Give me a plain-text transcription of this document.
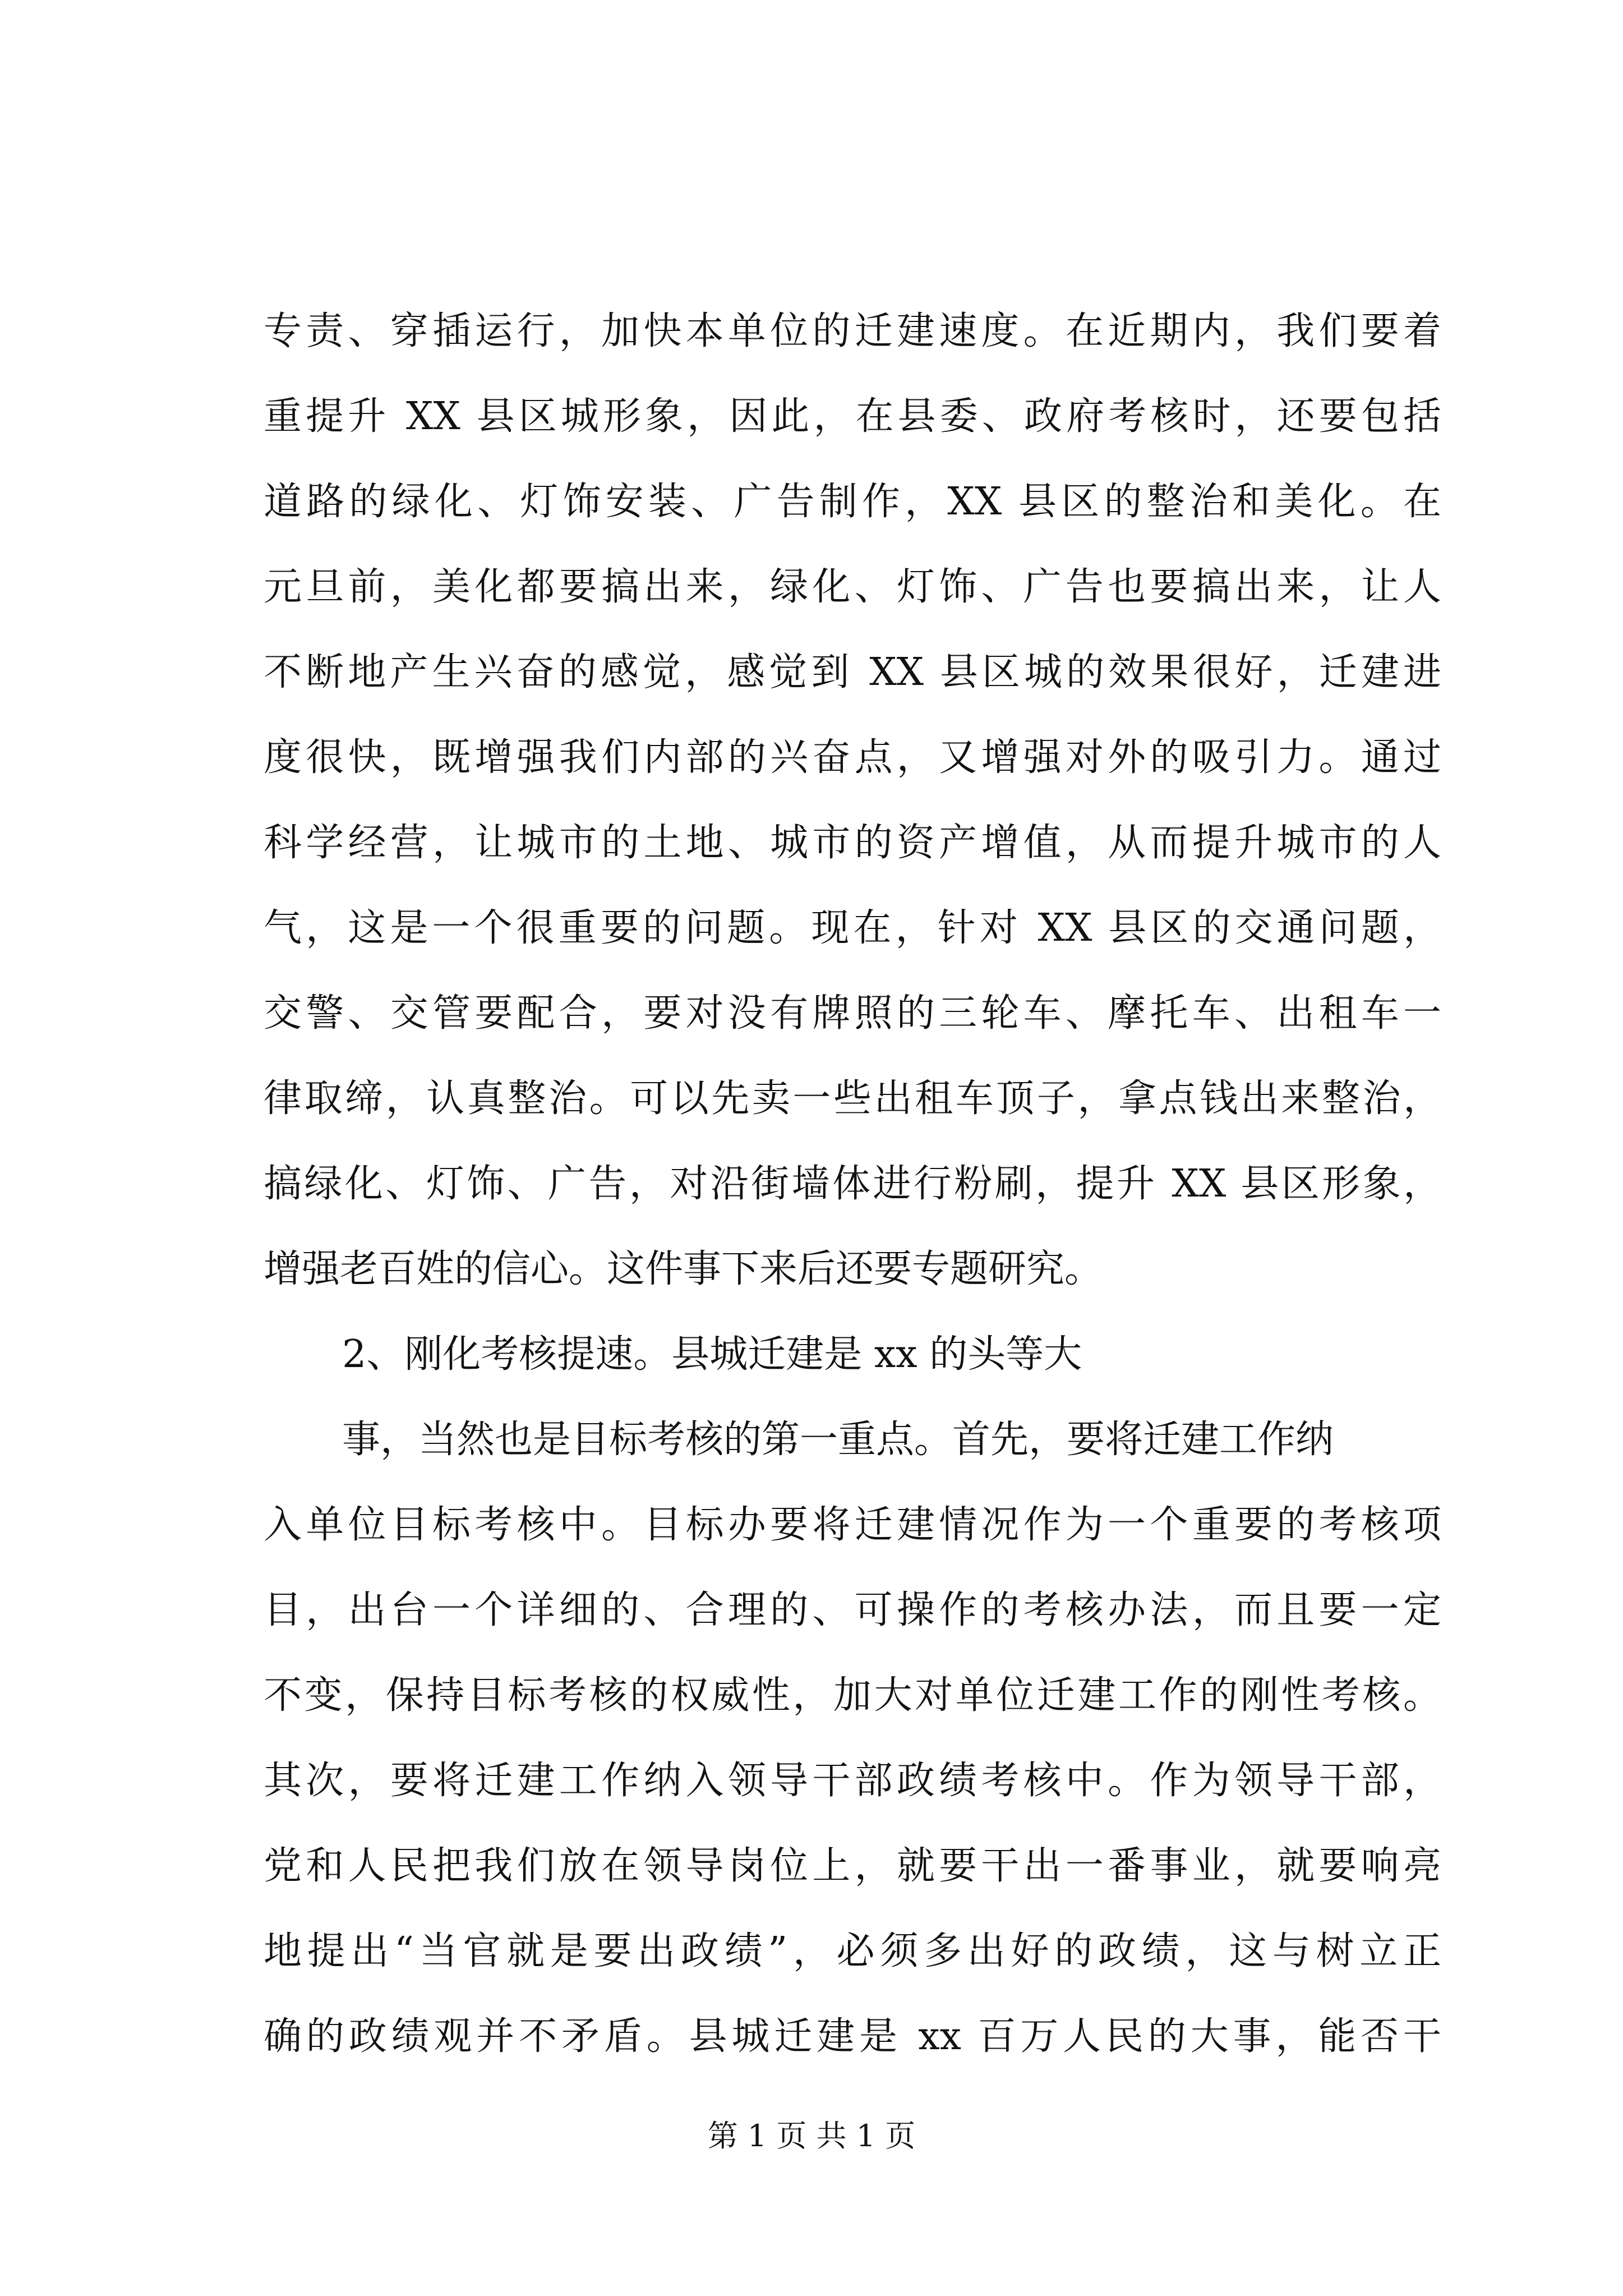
专责、穿插运行，加快本单位的迁建速度。在近期内，我们要着
重提升 XX 县区城形象，因此，在县委、政府考核时，还要包括
道路的绿化、灯饰安装、广告制作，XX 县区的整治和美化。在
元旦前，美化都要搞出来，绿化、灯饰、广告也要搞出来，让人
不断地产生兴奋的感觉，感觉到 XX 县区城的效果很好，迁建进
度很快，既增强我们内部的兴奋点，又增强对外的吸引力。通过
科学经营，让城市的土地、城市的资产增值，从而提升城市的人
气，这是一个很重要的问题。现在，针对 XX 县区的交通问题，
交警、交管要配合，要对没有牌照的三轮车、摩托车、出租车一
律取缔，认真整治。可以先卖一些出租车顶子，拿点钱出来整治，
搞绿化、灯饰、广告，对沿街墙体进行粉刷，提升 XX 县区形象，
增强老百姓的信心。这件事下来后还要专题研究。
2、刚化考核提速。县城迁建是 xx 的头等大
事，当然也是目标考核的第一重点。首先，要将迁建工作纳
入单位目标考核中。目标办要将迁建情况作为一个重要的考核项
目，出台一个详细的、合理的、可操作的考核办法，而且要一定
不变，保持目标考核的权威性，加大对单位迁建工作的刚性考核。
其次，要将迁建工作纳入领导干部政绩考核中。作为领导干部，
党和人民把我们放在领导岗位上，就要干出一番事业，就要响亮
地提出“当官就是要出政绩”，必须多出好的政绩，这与树立正
确的政绩观并不矛盾。县城迁建是 xx 百万人民的大事，能否干
第 1 页 共 1 页
